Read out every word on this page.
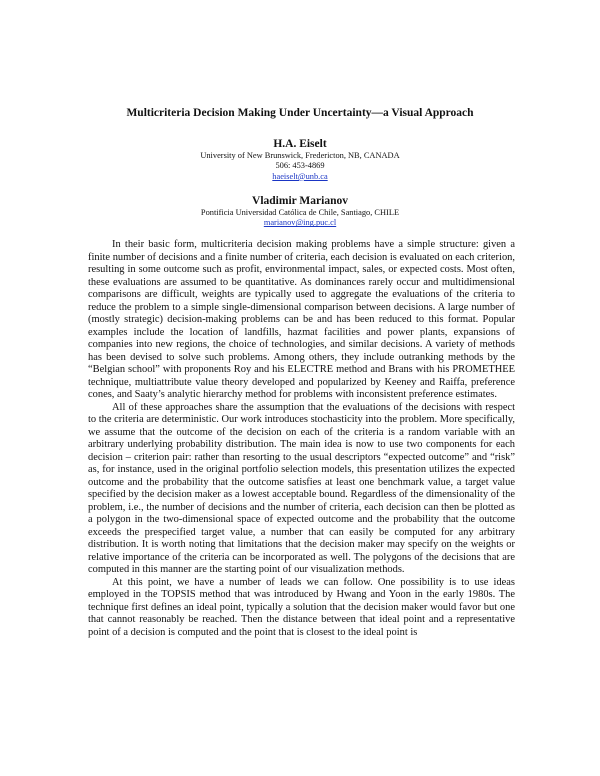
Multicriteria Decision Making Under Uncertainty—a Visual Approach

H.A. Eiselt

University of New Brunswick, Fredericton, NB, CANADA

506: 453-4869

haeiselt@unb.ca

Vladimir Marianov

Pontificia Universidad Católica de Chile, Santiago, CHILE

marianov@ing.puc.cl

In their basic form, multicriteria decision making problems have a simple structure: given a finite number of decisions and a finite number of criteria, each decision is evaluated on each criterion, resulting in some outcome such as profit, environmental impact, sales, or expected costs. Most often, these evaluations are assumed to be quantitative. As dominances rarely occur and multidimensional comparisons are difficult, weights are typically used to aggregate the evaluations of the criteria to reduce the problem to a simple single-dimensional comparison between decisions. A large number of (mostly strategic) decision-making problems can be and has been reduced to this format. Popular examples include the location of landfills, hazmat facilities and power plants, expansions of companies into new regions, the choice of technologies, and similar decisions. A variety of methods has been devised to solve such problems. Among others, they include outranking methods by the “Belgian school” with proponents Roy and his ELECTRE method and Brans with his PROMETHEE technique, multiattribute value theory developed and popularized by Keeney and Raiffa, preference cones, and Saaty’s analytic hierarchy method for problems with inconsistent preference estimates.

All of these approaches share the assumption that the evaluations of the decisions with respect to the criteria are deterministic. Our work introduces stochasticity into the problem. More specifically, we assume that the outcome of the decision on each of the criteria is a random variable with an arbitrary underlying probability distribution. The main idea is now to use two components for each decision – criterion pair: rather than resorting to the usual descriptors “expected outcome” and “risk” as, for instance, used in the original portfolio selection models, this presentation utilizes the expected outcome and the probability that the outcome satisfies at least one benchmark value, a target value specified by the decision maker as a lowest acceptable bound. Regardless of the dimensionality of the problem, i.e., the number of decisions and the number of criteria, each decision can then be plotted as a polygon in the two-dimensional space of expected outcome and the probability that the outcome exceeds the prespecified target value, a number that can easily be computed for any arbitrary distribution. It is worth noting that limitations that the decision maker may specify on the weights or relative importance of the criteria can be incorporated as well. The polygons of the decisions that are computed in this manner are the starting point of our visualization methods.

At this point, we have a number of leads we can follow. One possibility is to use ideas employed in the TOPSIS method that was introduced by Hwang and Yoon in the early 1980s. The technique first defines an ideal point, typically a solution that the decision maker would favor but one that cannot reasonably be reached. Then the distance between that ideal point and a representative point of a decision is computed and the point that is closest to the ideal point is
